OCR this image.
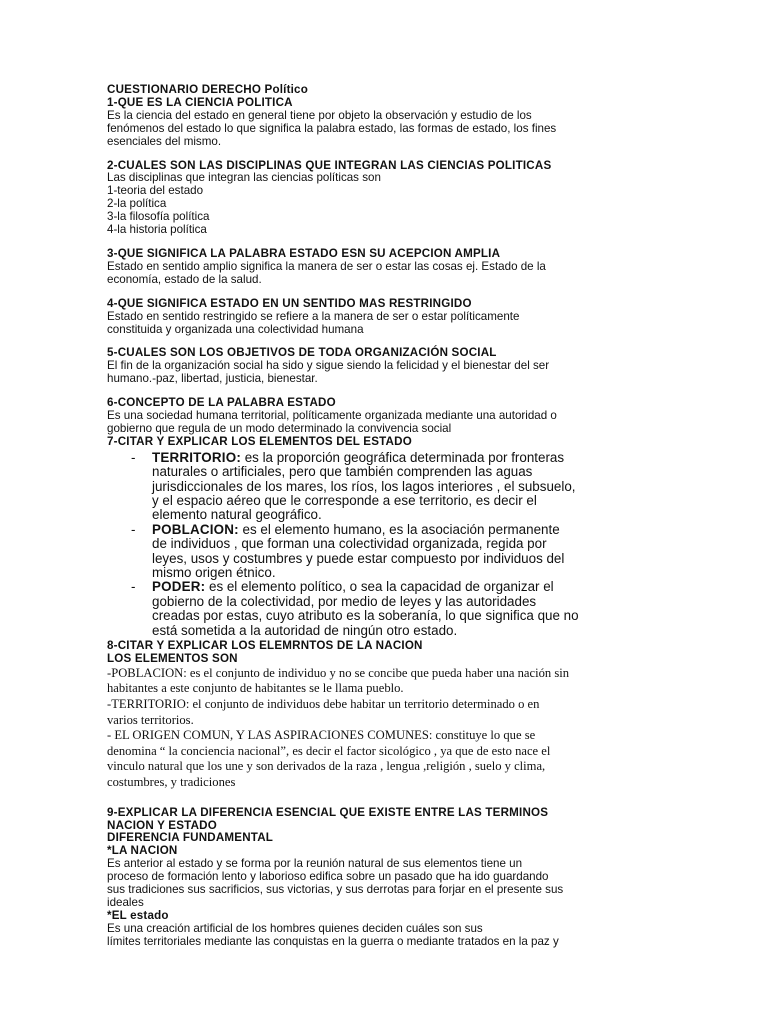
CUESTIONARIO DERECHO Político

1-QUE ES LA CIENCIA POLITICA

Es la ciencia del estado en general tiene por objeto la observación y estudio de los

fenómenos del estado lo que significa la palabra estado, las formas de estado, los fines

esenciales del mismo.

2-CUALES SON LAS DISCIPLINAS QUE INTEGRAN LAS CIENCIAS POLITICAS

Las disciplinas que integran las ciencias políticas son

1-teoria del estado

2-la política

3-la filosofía política

4-la historia política

3-QUE SIGNIFICA LA PALABRA ESTADO ESN SU ACEPCION AMPLIA

Estado en sentido amplio significa la manera de ser o estar las cosas ej. Estado de la

economía, estado de la salud.

4-QUE SIGNIFICA ESTADO EN UN SENTIDO MAS RESTRINGIDO

Estado en sentido restringido se refiere a la manera de ser o estar políticamente

constituida y organizada una colectividad humana

5-CUALES SON LOS OBJETIVOS DE TODA ORGANIZACIÓN SOCIAL

El fin de la organización social ha sido y sigue siendo la felicidad y el bienestar del ser

humano.-paz, libertad, justicia, bienestar.

6-CONCEPTO DE LA PALABRA ESTADO

Es una sociedad humana territorial, políticamente organizada mediante una autoridad o

gobierno que regula de un modo determinado la convivencia social

7-CITAR Y EXPLICAR LOS ELEMENTOS DEL ESTADO

- TERRITORIO: es la proporción geográfica determinada por fronteras
naturales o artificiales, pero que también comprenden las aguas
jurisdiccionales de los mares, los ríos, los lagos interiores , el subsuelo,
y el espacio aéreo que le corresponde a ese territorio, es decir el
elemento natural geográfico.
- POBLACION: es el elemento humano, es la asociación permanente
de individuos , que forman una colectividad organizada, regida por
leyes, usos y costumbres y puede estar compuesto por individuos del
mismo origen étnico.
- PODER: es el elemento político, o sea la capacidad de organizar el
gobierno de la colectividad, por medio de leyes y las autoridades
creadas por estas, cuyo atributo es la soberanía, lo que significa que no
está sometida a la autoridad de ningún otro estado.

8-CITAR Y EXPLICAR LOS ELEMRNTOS DE LA NACION

LOS ELEMENTOS SON

-POBLACION: es el conjunto de individuo y no se concibe que pueda haber una nación sin

habitantes a este conjunto de habitantes se le llama pueblo.

-TERRITORIO: el conjunto de individuos debe habitar un territorio determinado o en

varios territorios.

- EL ORIGEN COMUN, Y LAS ASPIRACIONES COMUNES: constituye lo que se

denomina “ la conciencia nacional”, es decir el factor sicológico , ya que de esto nace el

vinculo natural que los une y son derivados de la raza , lengua ,religión , suelo y clima,

costumbres, y tradiciones

9-EXPLICAR LA DIFERENCIA ESENCIAL QUE EXISTE ENTRE LAS TERMINOS

NACION Y ESTADO

DIFERENCIA FUNDAMENTAL

*LA NACION

Es anterior al estado y se forma por la reunión natural de sus elementos tiene un

proceso de formación lento y laborioso edifica sobre un pasado que ha ido guardando

sus tradiciones sus sacrificios, sus victorias, y sus derrotas para forjar en el presente sus

ideales

*EL estado

Es una creación artificial de los hombres quienes deciden cuáles son sus

límites territoriales mediante las conquistas en la guerra o mediante tratados en la paz y
